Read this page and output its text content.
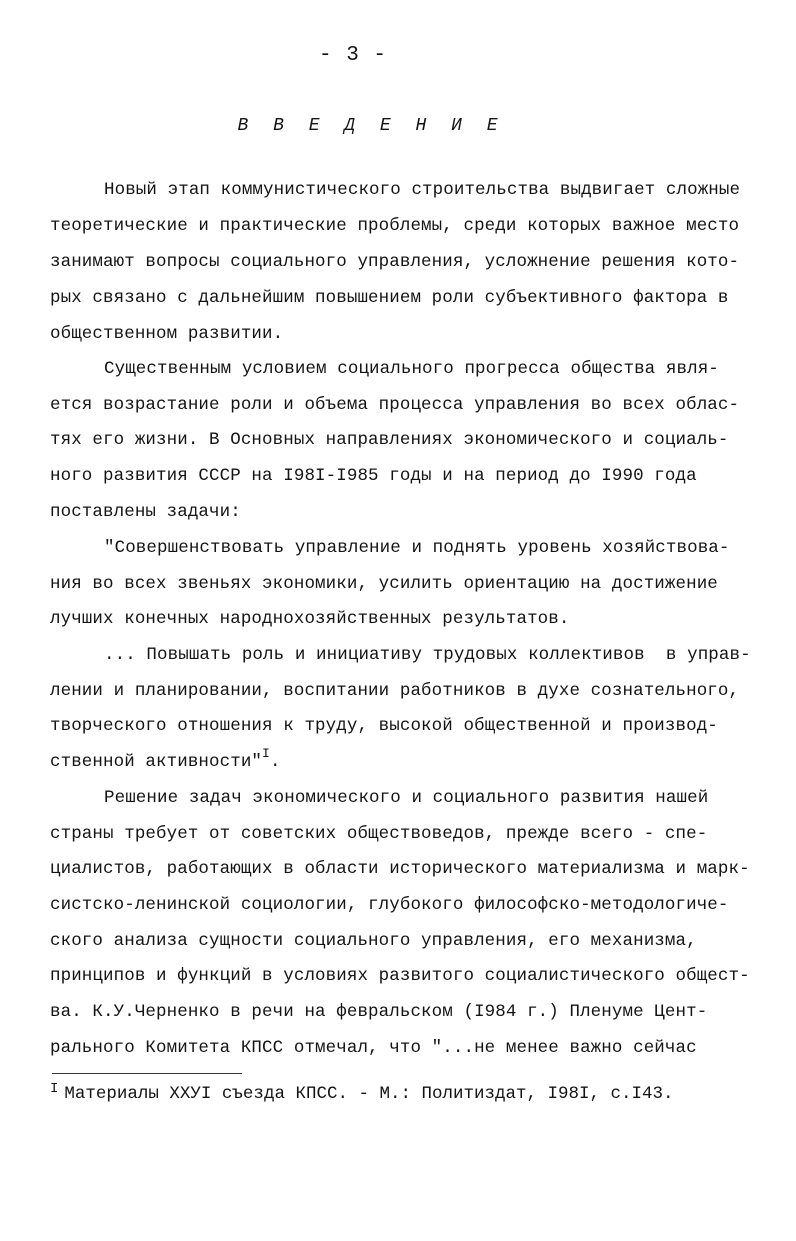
- 3 -
В В Е Д Е Н И Е
Новый этап коммунистического строительства выдвигает сложные
теоретические и практические проблемы, среди которых важное место
занимают вопросы социального управления, усложнение решения кото-
рых связано с дальнейшим повышением роли субъективного фактора в
общественном развитии.
Существенным условием социального прогресса общества явля-
ется возрастание роли и объема процесса управления во всех облас-
тях его жизни. В Основных направлениях экономического и социаль-
ного развития СССР на I98I-I985 годы и на период до I990 года
поставлены задачи:
"Совершенствовать управление и поднять уровень хозяйствова-
ния во всех звеньях экономики, усилить ориентацию на достижение
лучших конечных народнохозяйственных результатов.
... Повышать роль и инициативу трудовых коллективов  в управ-
лении и планировании, воспитании работников в духе сознательного,
творческого отношения к труду, высокой общественной и производ-
ственной активности"$^I$.
Решение задач экономического и социального развития нашей
страны требует от советских обществоведов, прежде всего - спе-
циалистов, работающих в области исторического материализма и марк-
систско-ленинской социологии, глубокого философско-методологиче-
ского анализа сущности социального управления, его механизма,
принципов и функций в условиях развитого социалистического общест-
ва. К.У.Черненко в речи на февральском (I984 г.) Пленуме Цент-
рального Комитета КПСС отмечал, что "...не менее важно сейчас
$^I$ Материалы XXУI съезда КПСС. - М.: Политиздат, I98I, с.I43.
